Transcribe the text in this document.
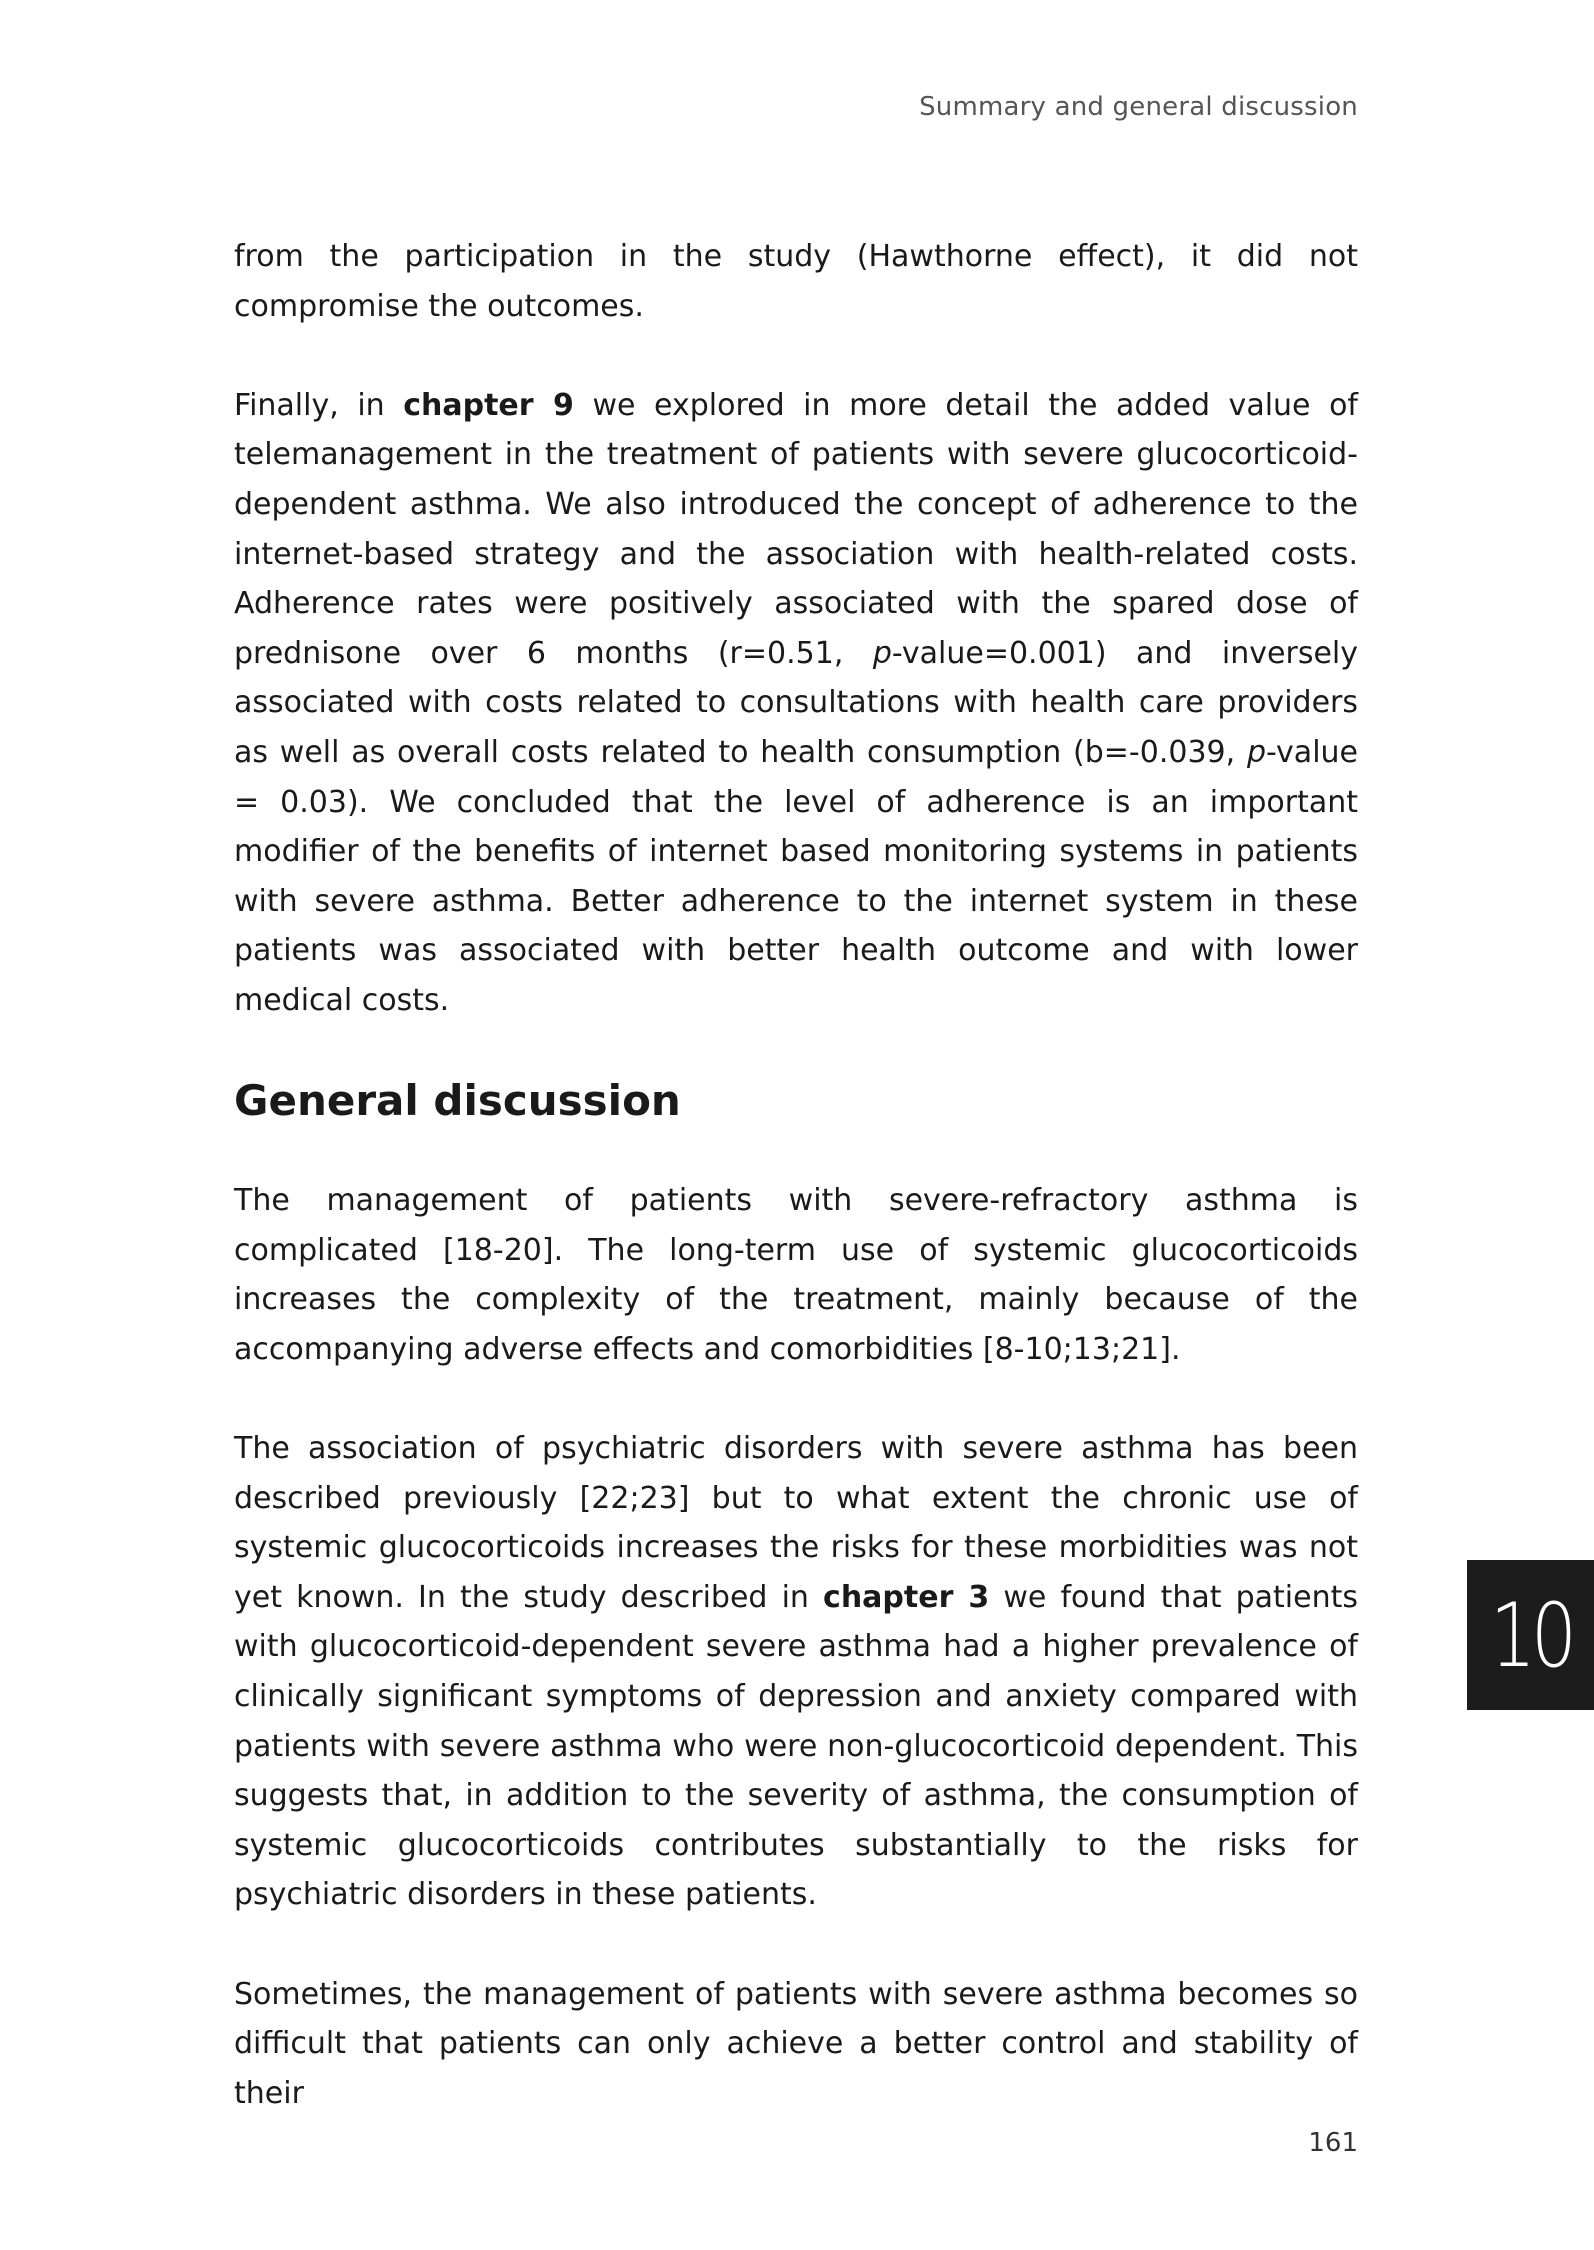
Summary and general discussion

from the participation in the study (Hawthorne effect), it did not compromise the outcomes.

Finally, in chapter 9 we explored in more detail the added value of telemanagement in the treatment of patients with severe glucocorticoid-dependent asthma. We also introduced the concept of adherence to the internet-based strategy and the association with health-related costs. Adherence rates were positively associated with the spared dose of prednisone over 6 months (r=0.51, p-value=0.001) and inversely associated with costs related to consultations with health care providers as well as overall costs related to health consumption (b=-0.039, p-value = 0.03). We concluded that the level of adherence is an important modifier of the benefits of internet based monitoring systems in patients with severe asthma. Better adherence to the internet system in these patients was associated with better health outcome and with lower medical costs.

General discussion

The management of patients with severe-refractory asthma is complicated [18-20]. The long-term use of systemic glucocorticoids increases the complexity of the treatment, mainly because of the accompanying adverse effects and comorbidities [8-10;13;21].

The association of psychiatric disorders with severe asthma has been described previously [22;23] but to what extent the chronic use of systemic glucocorticoids increases the risks for these morbidities was not yet known. In the study described in chapter 3 we found that patients with glucocorticoid-dependent severe asthma had a higher prevalence of clinically significant symptoms of depression and anxiety compared with patients with severe asthma who were non-glucocorticoid dependent. This suggests that, in addition to the severity of asthma, the consumption of systemic glucocorticoids contributes substantially to the risks for psychiatric disorders in these patients.

Sometimes, the management of patients with severe asthma becomes so difficult that patients can only achieve a better control and stability of their

10
161
